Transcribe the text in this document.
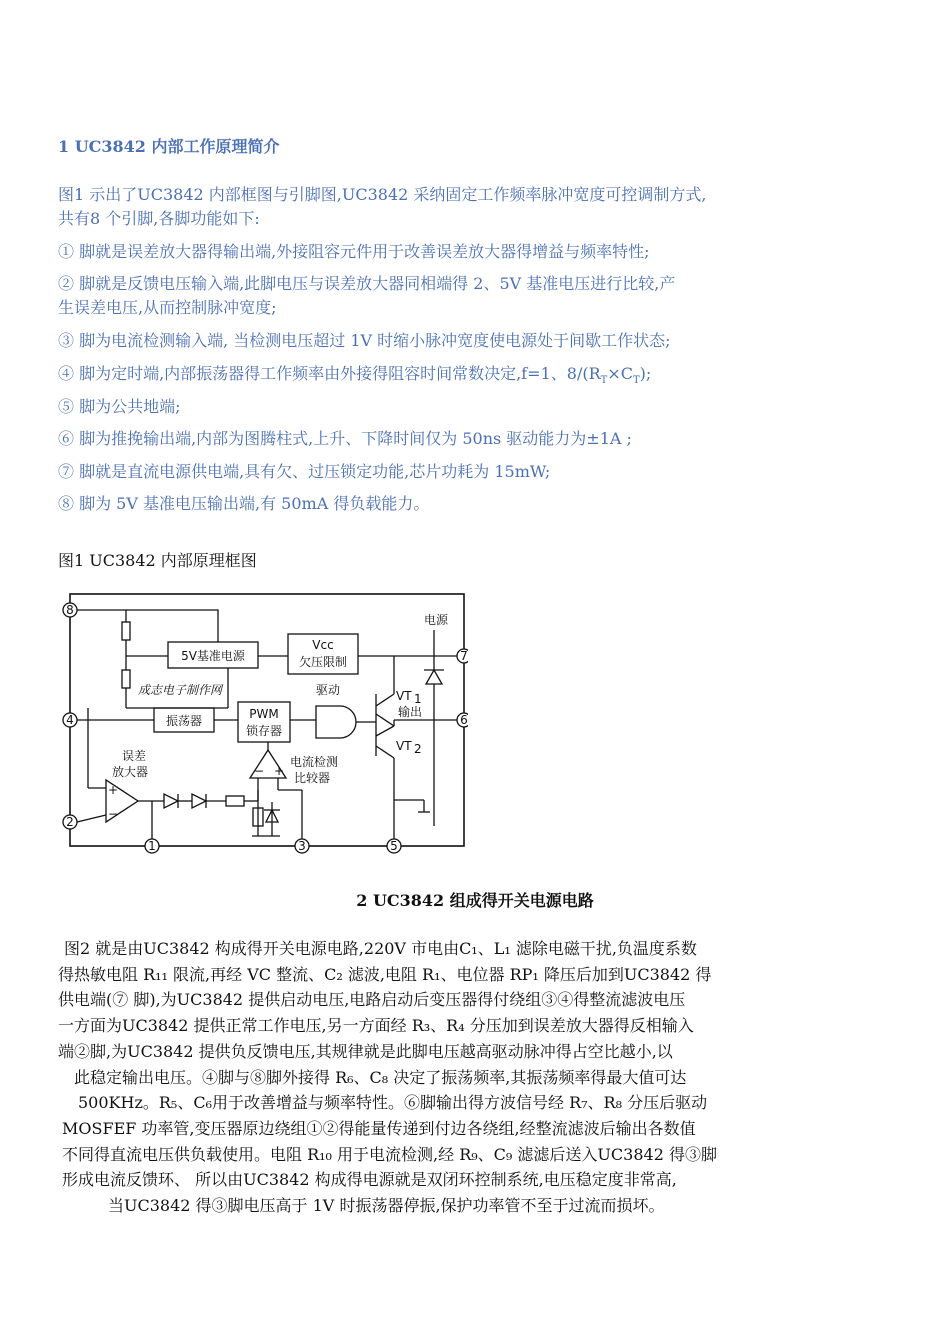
1 UC3842 内部工作原理简介
图1 示出了UC3842 内部框图与引脚图,UC3842 采纳固定工作频率脉冲宽度可控调制方式,
共有8 个引脚,各脚功能如下:
① 脚就是误差放大器得输出端,外接阻容元件用于改善误差放大器得增益与频率特性;
② 脚就是反馈电压输入端,此脚电压与误差放大器同相端得 2、5V 基准电压进行比较,产
生误差电压,从而控制脉冲宽度;
③ 脚为电流检测输入端, 当检测电压超过 1V 时缩小脉冲宽度使电源处于间歇工作状态;
④ 脚为定时端,内部振荡器得工作频率由外接得阻容时间常数决定,f=1、$8/(R_T\times C_T)$;
⑤ 脚为公共地端;
⑥ 脚为推挽输出端,内部为图腾柱式,上升、下降时间仅为 50ns 驱动能力为±1A ;
⑦ 脚就是直流电源供电端,具有欠、过压锁定功能,芯片功耗为 15mW;
⑧ 脚为 5V 基准电压输出端,有 50mA 得负载能力。
图1 UC3842 内部原理框图
8
4
2
7
6
1	3	5
5V基准电源
Vcc
欠压限制
电源
成志电子制作网
振荡器	PWM
锁存器
驱动	VT 1
输出
VT 2
误差
放大器
+
−
电流检测
比较器
− +
2 UC3842 组成得开关电源电路
图2 就是由UC3842 构成得开关电源电路,220V 市电由C₁、L₁ 滤除电磁干扰,负温度系数
得热敏电阻 R₁₁ 限流,再经 VC 整流、C₂ 滤波,电阻 R₁、电位器 RP₁ 降压后加到UC3842 得
供电端(⑦ 脚),为UC3842 提供启动电压,电路启动后变压器得付绕组③④得整流滤波电压
一方面为UC3842 提供正常工作电压,另一方面经 R₃、R₄ 分压加到误差放大器得反相输入
端②脚,为UC3842 提供负反馈电压,其规律就是此脚电压越高驱动脉冲得占空比越小,以
此稳定输出电压。④脚与⑧脚外接得 R₆、C₈ 决定了振荡频率,其振荡频率得最大值可达
500KHz。R₅、C₆用于改善增益与频率特性。⑥脚输出得方波信号经 R₇、R₈ 分压后驱动
MOSFEF 功率管,变压器原边绕组①②得能量传递到付边各绕组,经整流滤波后输出各数值
不同得直流电压供负载使用。电阻 R₁₀ 用于电流检测,经 R₉、C₉ 滤滤后送入UC3842 得③脚
形成电流反馈环、 所以由UC3842 构成得电源就是双闭环控制系统,电压稳定度非常高,
当UC3842 得③脚电压高于 1V 时振荡器停振,保护功率管不至于过流而损坏。
